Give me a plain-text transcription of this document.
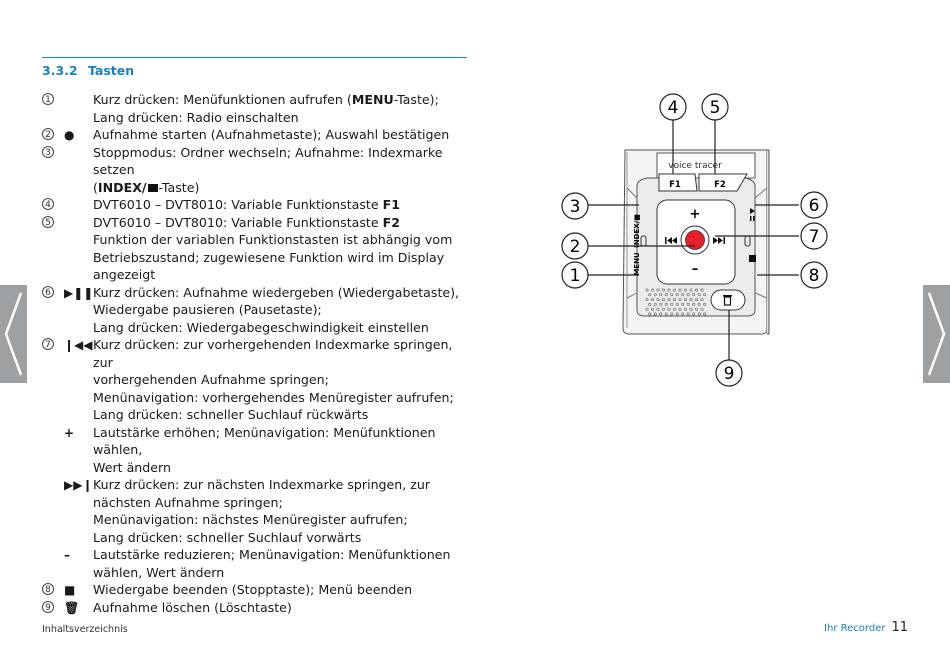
3.3.2 Tasten
1	Kurz drücken: Menüfunktionen aufrufen (MENU-Taste);
Lang drücken: Radio einschalten
2 ● Aufnahme starten (Aufnahmetaste); Auswahl bestätigen
3	Stoppmodus: Ordner wechseln; Aufnahme: Indexmarke setzen
(INDEX/ -Taste)
4	DVT6010 – DVT8010: Variable Funktionstaste F1
5	DVT6010 – DVT8010: Variable Funktionstaste F2
Funktion der variablen Funktionstasten ist abhängig vom
Betriebszustand; zugewiesene Funktion wird im Display
angezeigt
6 ▶❚❚ Kurz drücken: Aufnahme wiedergeben (Wiedergabetaste),
Wiedergabe pausieren (Pausetaste);
Lang drücken: Wiedergabegeschwindigkeit einstellen
7 ❙◀◀ Kurz drücken: zur vorhergehenden Indexmarke springen, zur
vorhergehenden Aufnahme springen;
Menünavigation: vorhergehendes Menüregister aufrufen;
Lang drücken: schneller Suchlauf rückwärts
+ Lautstärke erhöhen; Menünavigation: Menüfunktionen wählen,
Wert ändern
▶▶❙ Kurz drücken: zur nächsten Indexmarke springen, zur
nächsten Aufnahme springen;
Menünavigation: nächstes Menüregister aufrufen;
Lang drücken: schneller Suchlauf vorwärts
– Lautstärke reduzieren; Menünavigation: Menüfunktionen
wählen, Wert ändern
8 ■ Wiedergabe beenden (Stopptaste); Menü beenden
9 🗑 Aufnahme löschen (Löschtaste)
voice tracer
F1	F2
INDEX/■
MENU
+
–
4 5
3
2
1
6
7
8
9
Inhaltsverzeichnis	Ihr Recorder 11
